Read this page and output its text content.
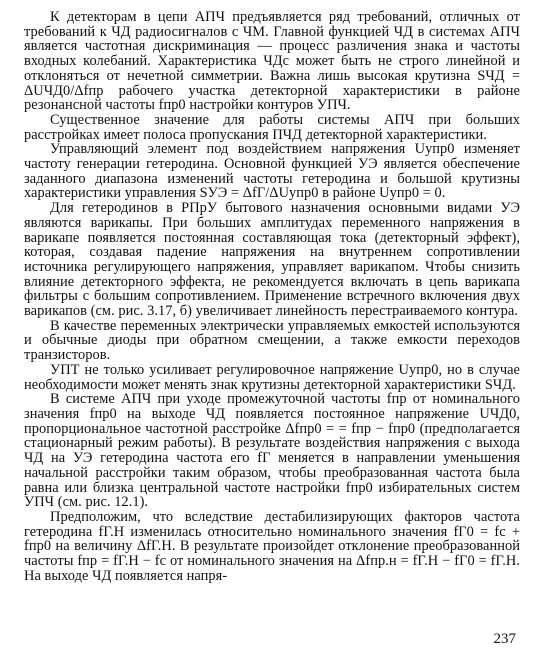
К детекторам в цепи АПЧ предъявляется ряд требований, отличных от требований к ЧД радиосигналов с ЧМ. Главной функцией ЧД в системах АПЧ является частотная дискриминация — процесс различения знака и частоты входных колебаний. Характеристика ЧДс может быть не строго линейной и отклоняться от нечетной симметрии. Важна лишь высокая крутизна SЧД = ΔUЧД0/Δfпр рабочего участка детекторной характеристики в районе резонансной частоты fпр0 настройки контуров УПЧ.

Существенное значение для работы системы АПЧ при больших расстройках имеет полоса пропускания ПЧД детекторной характеристики.

Управляющий элемент под воздействием напряжения Uупр0 изменяет частоту генерации гетеродина. Основной функцией УЭ является обеспечение заданного диапазона изменений частоты гетеродина и большой крутизны характеристики управления SУЭ = ΔfГ/ΔUупр0 в районе Uупр0 = 0.

Для гетеродинов в РПрУ бытового назначения основными видами УЭ являются варикапы. При больших амплитудах переменного напряжения в варикапе появляется постоянная составляющая тока (детекторный эффект), которая, создавая падение напряжения на внутреннем сопротивлении источника регулирующего напряжения, управляет варикапом. Чтобы снизить влияние детекторного эффекта, не рекомендуется включать в цепь варикапа фильтры с большим сопротивлением. Применение встречного включения двух варикапов (см. рис. 3.17, б) увеличивает линейность перестраиваемого контура.

В качестве переменных электрически управляемых емкостей используются и обычные диоды при обратном смещении, а также емкости переходов транзисторов.

УПТ не только усиливает регулировочное напряжение Uупр0, но в случае необходимости может менять знак крутизны детекторной характеристики SЧД.

В системе АПЧ при уходе промежуточной частоты fпр от номинального значения fпр0 на выходе ЧД появляется постоянное напряжение UЧД0, пропорциональное частотной расстройке Δfпр0 = = fпр − fпр0 (предполагается стационарный режим работы). В результате воздействия напряжения с выхода ЧД на УЭ гетеродина частота его fГ меняется в направлении уменьшения начальной расстройки таким образом, чтобы преобразованная частота была равна или близка центральной частоте настройки fпр0 избирательных систем УПЧ (см. рис. 12.1).

Предположим, что вследствие дестабилизирующих факторов частота гетеродина fГ.Н изменилась относительно номинального значения fГ0 = fс + fпр0 на величину ΔfГ.Н. В результате произойдет отклонение преобразованной частоты fпр = fГ.Н − fс от номинального значения на Δfпр.н = fГ.Н − fГ0 = fГ.Н. На выходе ЧД появляется напря-

237
